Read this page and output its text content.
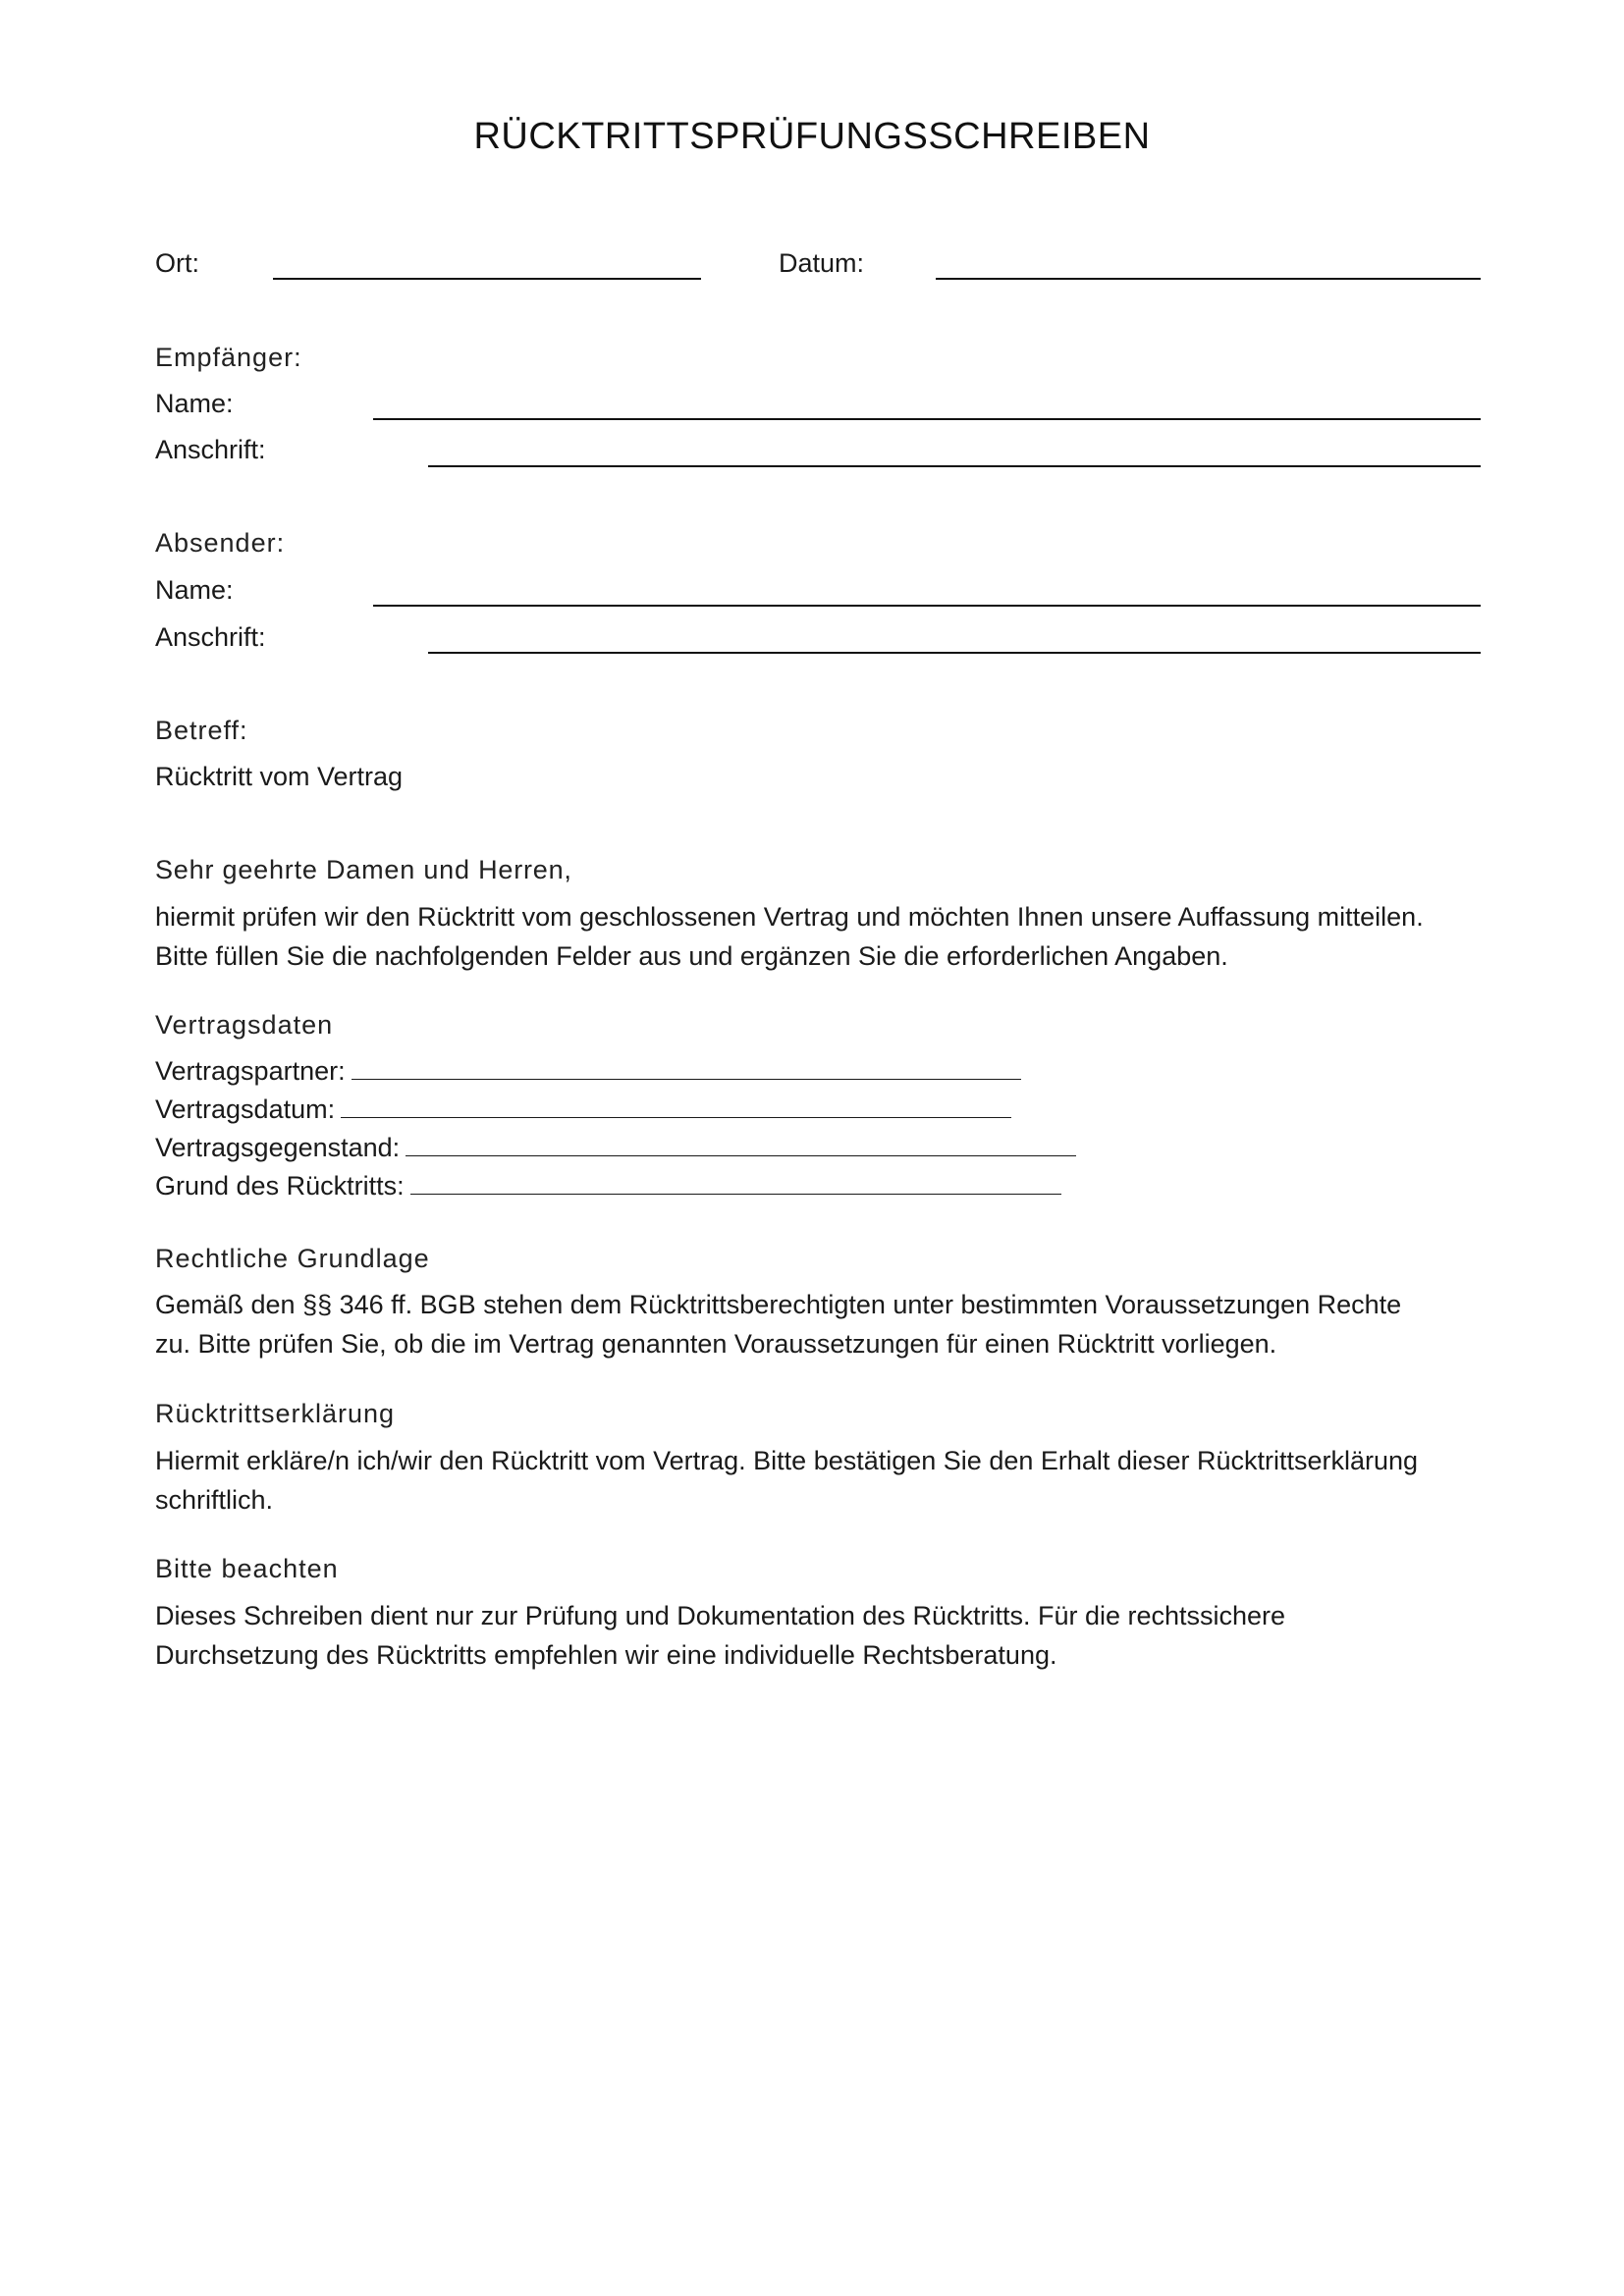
RÜCKTRITTSPRÜFUNGSSCHREIBEN
Ort:	Datum:
Empfänger:
Name:
Anschrift:
Absender:
Name:
Anschrift:
Betreff:
Rücktritt vom Vertrag
Sehr geehrte Damen und Herren,

hiermit prüfen wir den Rücktritt vom geschlossenen Vertrag und möchten Ihnen unsere Auffassung mitteilen.

Bitte füllen Sie die nachfolgenden Felder aus und ergänzen Sie die erforderlichen Angaben.

Vertragsdaten
Vertragspartner:
Vertragsdatum:
Vertragsgegenstand:
Grund des Rücktritts:
Rechtliche Grundlage

Gemäß den §§ 346 ff. BGB stehen dem Rücktrittsberechtigten unter bestimmten Voraussetzungen Rechte

zu. Bitte prüfen Sie, ob die im Vertrag genannten Voraussetzungen für einen Rücktritt vorliegen.

Rücktrittserklärung

Hiermit erkläre/n ich/wir den Rücktritt vom Vertrag. Bitte bestätigen Sie den Erhalt dieser Rücktrittserklärung

schriftlich.

Bitte beachten

Dieses Schreiben dient nur zur Prüfung und Dokumentation des Rücktritts. Für die rechtssichere

Durchsetzung des Rücktritts empfehlen wir eine individuelle Rechtsberatung.
